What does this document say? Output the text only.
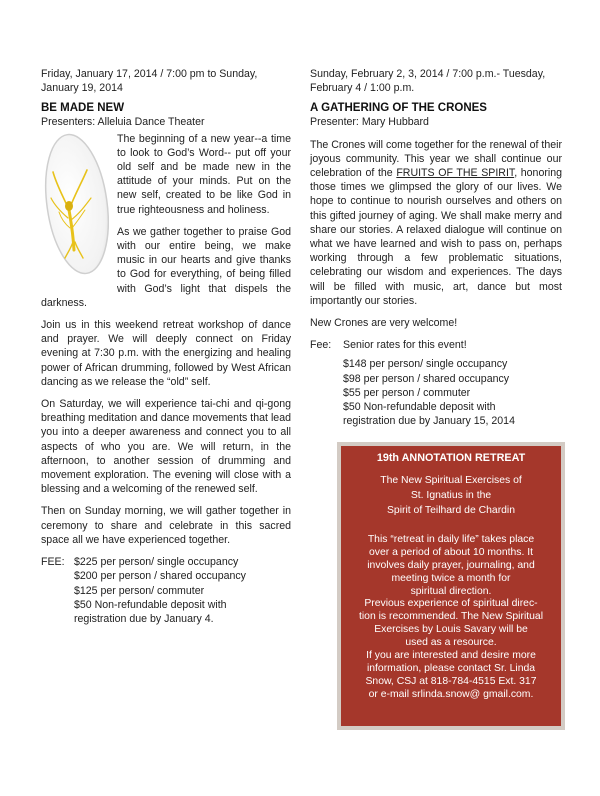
Friday, January 17, 2014 / 7:00 pm to Sunday, January 19, 2014

BE MADE NEW

Presenters: Alleluia Dance Theater

The beginning of a new year--a time to look to God’s Word-- put off your old self and be made new in the attitude of your minds. Put on the new self, created to be like God in true righteousness and holiness.

As we gather together to praise God with our entire being, we make music in our hearts and give thanks to God for everything, of being filled with God’s light that dispels the darkness.

Join us in this weekend retreat workshop of dance and prayer. We will deeply connect on Friday evening at 7:30 p.m. with the energizing and healing power of African drumming, followed by West African dancing as we release the “old” self.

On Saturday, we will experience tai-chi and qi-gong breathing meditation and dance movements that lead you into a deeper awareness and connect you to all aspects of who you are. We will return, in the afternoon, to another session of drumming and movement exploration. The evening will close with a blessing and a welcoming of the renewed self.

Then on Sunday morning, we will gather together in ceremony to share and celebrate in this sacred space all we have experienced together.

FEE: $225 per person/ single occupancy
$200 per person / shared occupancy
$125 per person/ commuter
$50 Non-refundable deposit with
registration due by January 4.

Sunday, February 2, 3, 2014 / 7:00 p.m.- Tuesday, February 4 / 1:00 p.m.

A GATHERING OF THE CRONES

Presenter: Mary Hubbard

The Crones will come together for the renewal of their joyous community. This year we shall continue our celebration of the FRUITS OF THE SPIRIT, honoring those times we glimpsed the glory of our lives. We hope to continue to nourish ourselves and others on this gifted journey of aging. We shall make merry and share our stories. A relaxed dialogue will continue on what we have learned and wish to pass on, perhaps working through a few problematic situations, celebrating our wisdom and experiences. The days will be filled with music, art, dance but most importantly our stories.

New Crones are very welcome!

Fee:	Senior rates for this event!
$148 per person/ single occupancy
$98 per person / shared occupancy
$55 per person / commuter
$50 Non-refundable deposit with
registration due by January 15, 2014
19th ANNOTATION RETREAT
The New Spiritual Exercises of
St. Ignatius in the
Spirit of Teilhard de Chardin
This “retreat in daily life” takes place
over a period of about 10 months. It
involves daily prayer, journaling, and
meeting twice a month for
spiritual direction.
Previous experience of spiritual direc-
tion is recommended. The New Spiritual
Exercises by Louis Savary will be
used as a resource.
If you are interested and desire more
information, please contact Sr. Linda
Snow, CSJ at 818-784-4515 Ext. 317
or e-mail srlinda.snow@ gmail.com.
